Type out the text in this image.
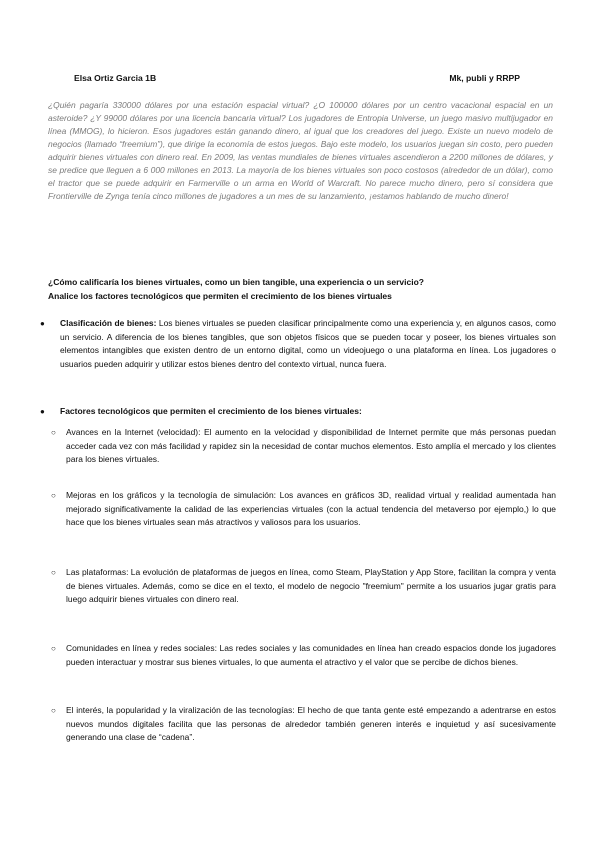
Elsa Ortiz Garcia 1B	Mk, publi y RRPP
¿Quién pagaría 330000 dólares por una estación espacial virtual? ¿O 100000 dólares por un centro vacacional espacial en un asteroide? ¿Y 99000 dólares por una licencia bancaria virtual? Los jugadores de Entropia Universe, un juego masivo multijugador en línea (MMOG), lo hicieron. Esos jugadores están ganando dinero, al igual que los creadores del juego. Existe un nuevo modelo de negocios (llamado “freemium”), que dirige la economía de estos juegos. Bajo este modelo, los usuarios juegan sin costo, pero pueden adquirir bienes virtuales con dinero real. En 2009, las ventas mundiales de bienes virtuales ascendieron a 2200 millones de dólares, y se predice que lleguen a 6 000 millones en 2013. La mayoría de los bienes virtuales son poco costosos (alrededor de un dólar), como el tractor que se puede adquirir en Farmerville o un arma en World of Warcraft. No parece mucho dinero, pero sí considera que Frontierville de Zynga tenía cinco millones de jugadores a un mes de su lanzamiento, ¡estamos hablando de mucho dinero!
¿Cómo calificaría los bienes virtuales, como un bien tangible, una experiencia o un servicio?
Analice los factores tecnológicos que permiten el crecimiento de los bienes virtuales
●	Clasificación de bienes: Los bienes virtuales se pueden clasificar principalmente como una experiencia y, en algunos casos, como un servicio. A diferencia de los bienes tangibles, que son objetos físicos que se pueden tocar y poseer, los bienes virtuales son elementos intangibles que existen dentro de un entorno digital, como un videojuego o una plataforma en línea. Los jugadores o usuarios pueden adquirir y utilizar estos bienes dentro del contexto virtual, nunca fuera.
●	Factores tecnológicos que permiten el crecimiento de los bienes virtuales:
○ Avances en la Internet (velocidad): El aumento en la velocidad y disponibilidad de Internet permite que más personas puedan acceder cada vez con más facilidad y rapidez sin la necesidad de contar muchos elementos. Esto amplía el mercado y los clientes para los bienes virtuales.
○ Mejoras en los gráficos y la tecnología de simulación: Los avances en gráficos 3D, realidad virtual y realidad aumentada han mejorado significativamente la calidad de las experiencias virtuales (con la actual tendencia del metaverso por ejemplo,) lo que hace que los bienes virtuales sean más atractivos y valiosos para los usuarios.
○ Las plataformas: La evolución de plataformas de juegos en línea, como Steam, PlayStation y App Store, facilitan la compra y venta de bienes virtuales. Además, como se dice en el texto, el modelo de negocio "freemium" permite a los usuarios jugar gratis para luego adquirir bienes virtuales con dinero real.
○ Comunidades en línea y redes sociales: Las redes sociales y las comunidades en línea han creado espacios donde los jugadores pueden interactuar y mostrar sus bienes virtuales, lo que aumenta el atractivo y el valor que se percibe de dichos bienes.
○ El interés, la popularidad y la viralización de las tecnologías: El hecho de que tanta gente esté empezando a adentrarse en estos nuevos mundos digitales facilita que las personas de alrededor también generen interés e inquietud y así sucesivamente generando una clase de “cadena”.
